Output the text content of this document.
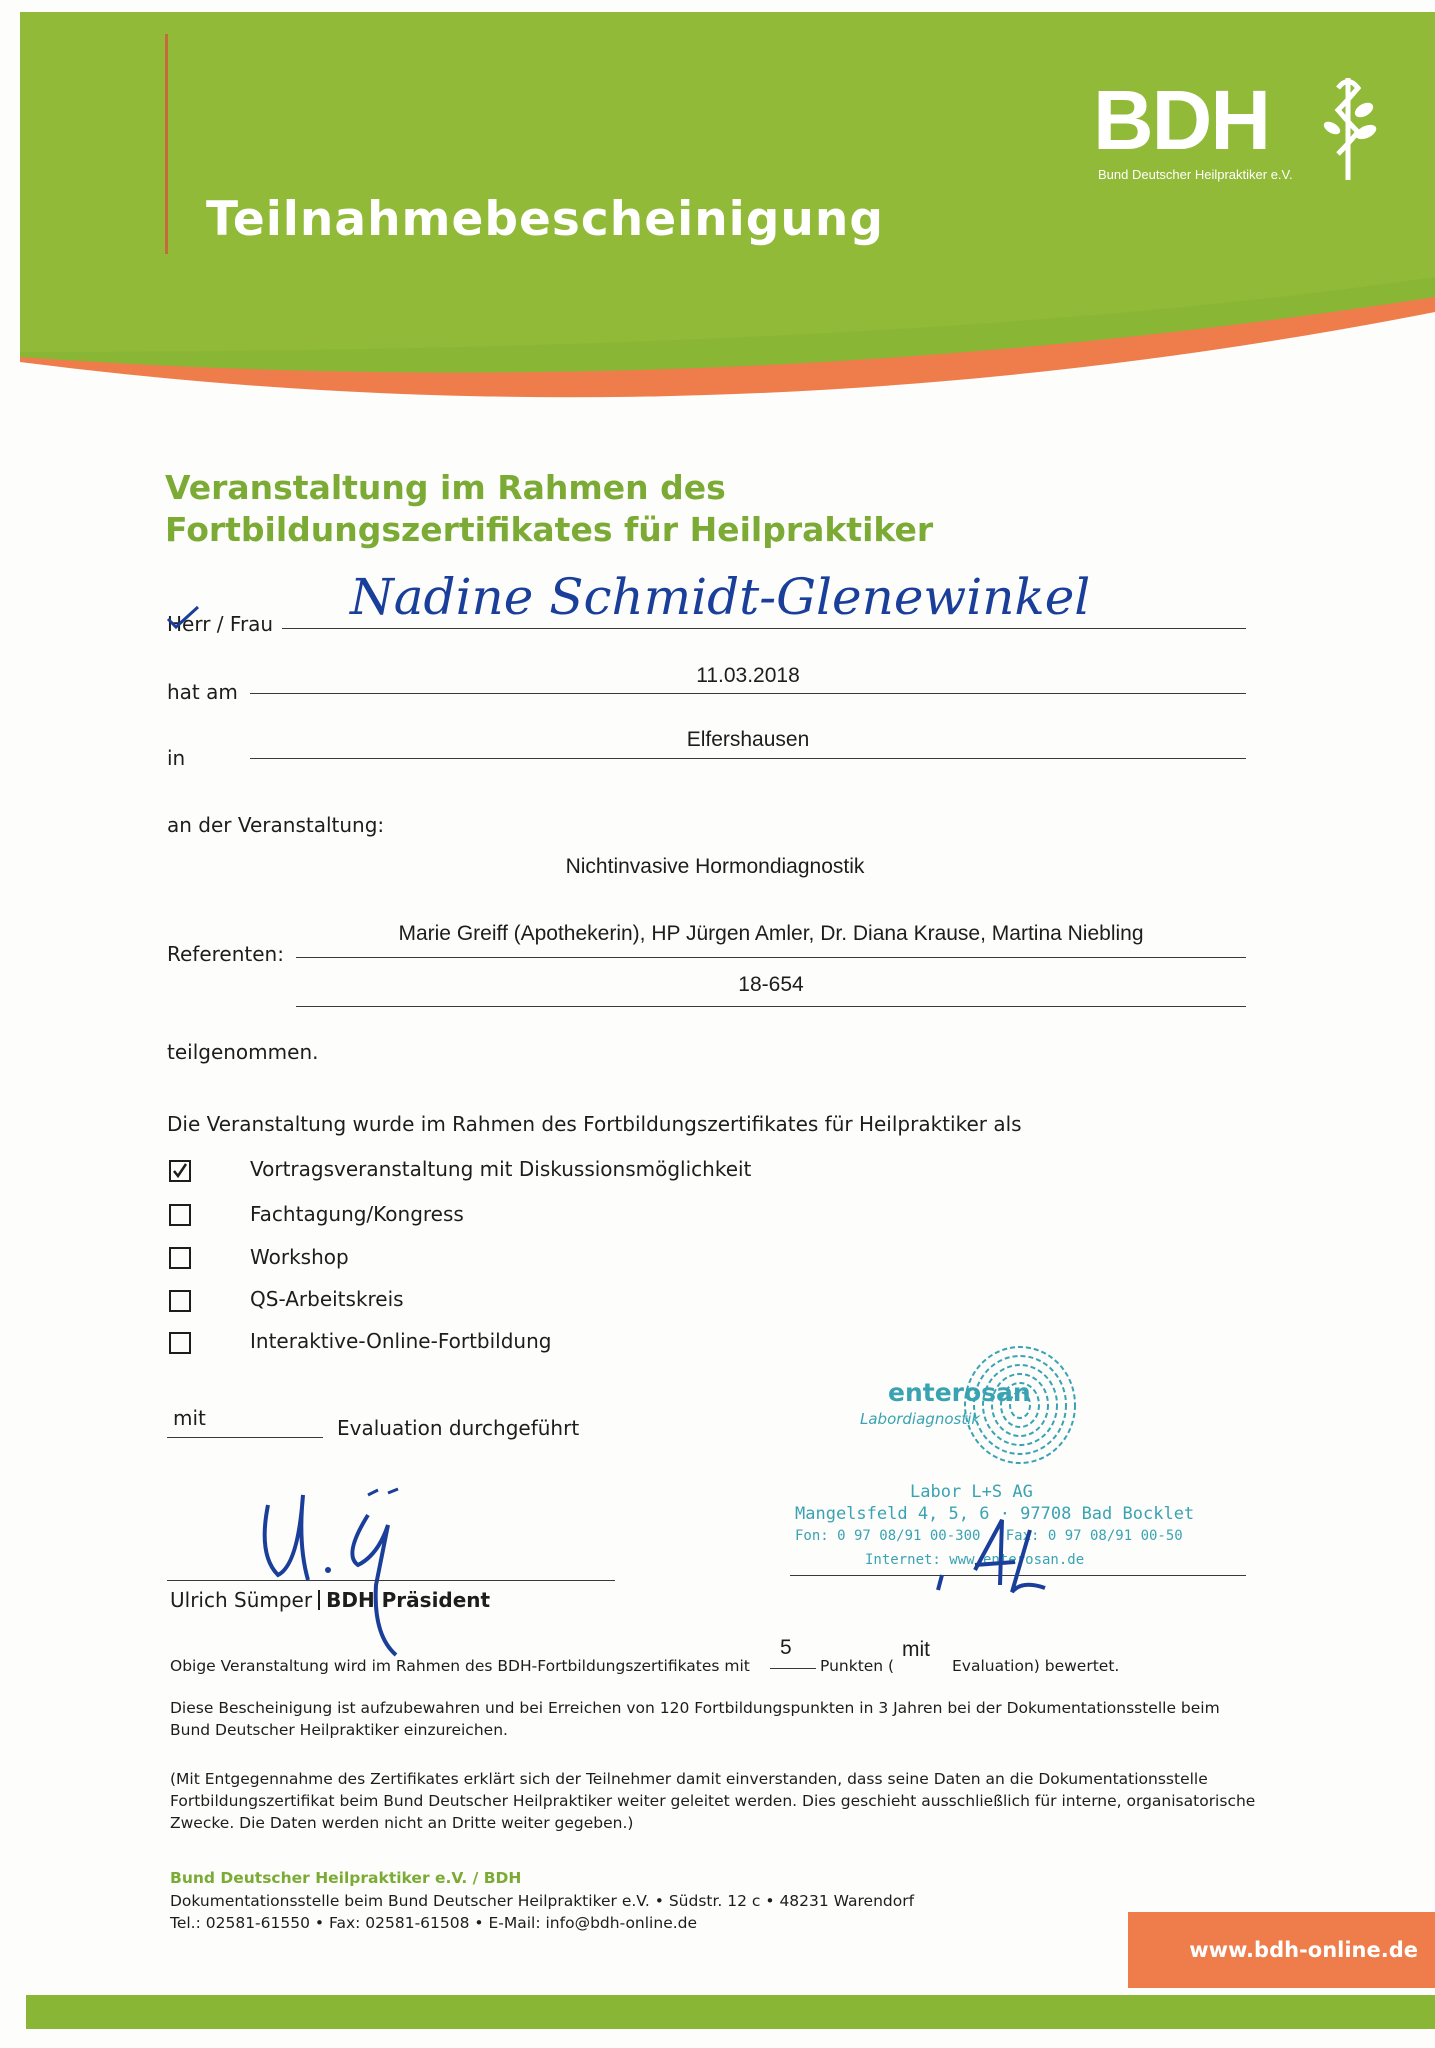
Teilnahmebescheinigung
BDH
Bund Deutscher Heilpraktiker e.V.
Veranstaltung im Rahmen des
Fortbildungszertifikates für Heilpraktiker
Herr / Frau Nadine Schmidt-Glenewinkel
hat am
11.03.2018
in
Elfershausen
an der Veranstaltung:
Nichtinvasive Hormondiagnostik
Referenten:
Marie Greiff (Apothekerin), HP Jürgen Amler, Dr. Diana Krause, Martina Niebling
18-654
teilgenommen.
Die Veranstaltung wurde im Rahmen des Fortbildungszertifikates für Heilpraktiker als
Vortragsveranstaltung mit Diskussionsmöglichkeit
Fachtagung/Kongress
Workshop
QS-Arbeitskreis
Interaktive-Online-Fortbildung
mit	Evaluation durchgeführt
enterosan
Labordiagnostik
Labor L+S AG
Mangelsfeld 4, 5, 6 · 97708 Bad Bocklet
Fon: 0 97 08/91 00-300 · Fax: 0 97 08/91 00-50
Internet: www.enterosan.de
Ulrich Sümper BDH Präsident
Obige Veranstaltung wird im Rahmen des BDH-Fortbildungszertifikates mit
5
Punkten (
mit
Evaluation) bewertet.
Diese Bescheinigung ist aufzubewahren und bei Erreichen von 120 Fortbildungspunkten in 3 Jahren bei der Dokumentationsstelle beim Bund Deutscher Heilpraktiker einzureichen.
(Mit Entgegennahme des Zertifikates erklärt sich der Teilnehmer damit einverstanden, dass seine Daten an die Dokumentationsstelle Fortbildungszertifikat beim Bund Deutscher Heilpraktiker weiter geleitet werden. Dies geschieht ausschließlich für interne, organisatorische Zwecke. Die Daten werden nicht an Dritte weiter gegeben.)
Bund Deutscher Heilpraktiker e.V. / BDH
Dokumentationsstelle beim Bund Deutscher Heilpraktiker e.V. • Südstr. 12 c • 48231 Warendorf
Tel.: 02581-61550 • Fax: 02581-61508 • E-Mail: info@bdh-online.de
www.bdh-online.de
